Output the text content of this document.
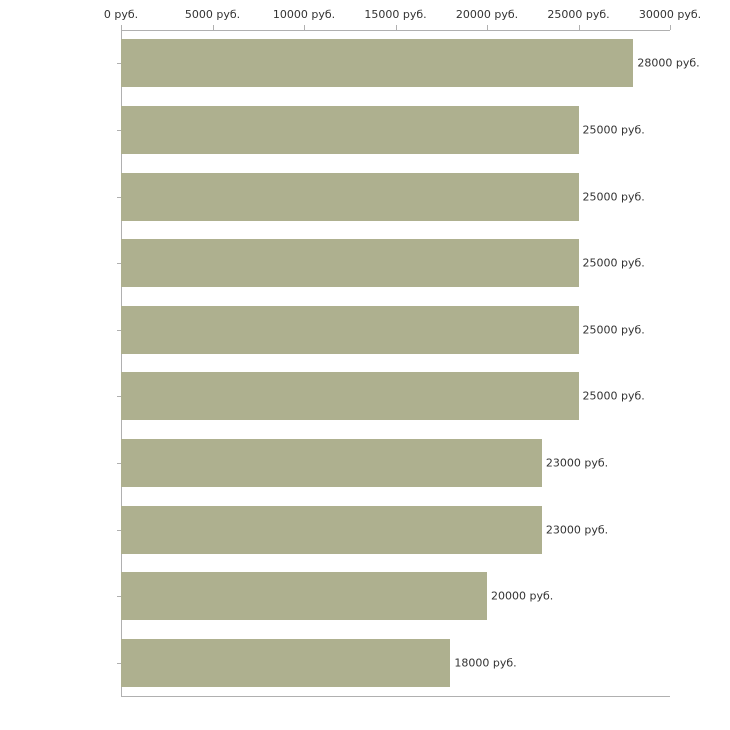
0 руб.	5000 руб.	10000 руб.	15000 руб.	20000 руб.	25000 руб.	30000 руб.
28000 руб.
25000 руб.
25000 руб.
25000 руб.
25000 руб.
25000 руб.
23000 руб.
23000 руб.
20000 руб.
18000 руб.
